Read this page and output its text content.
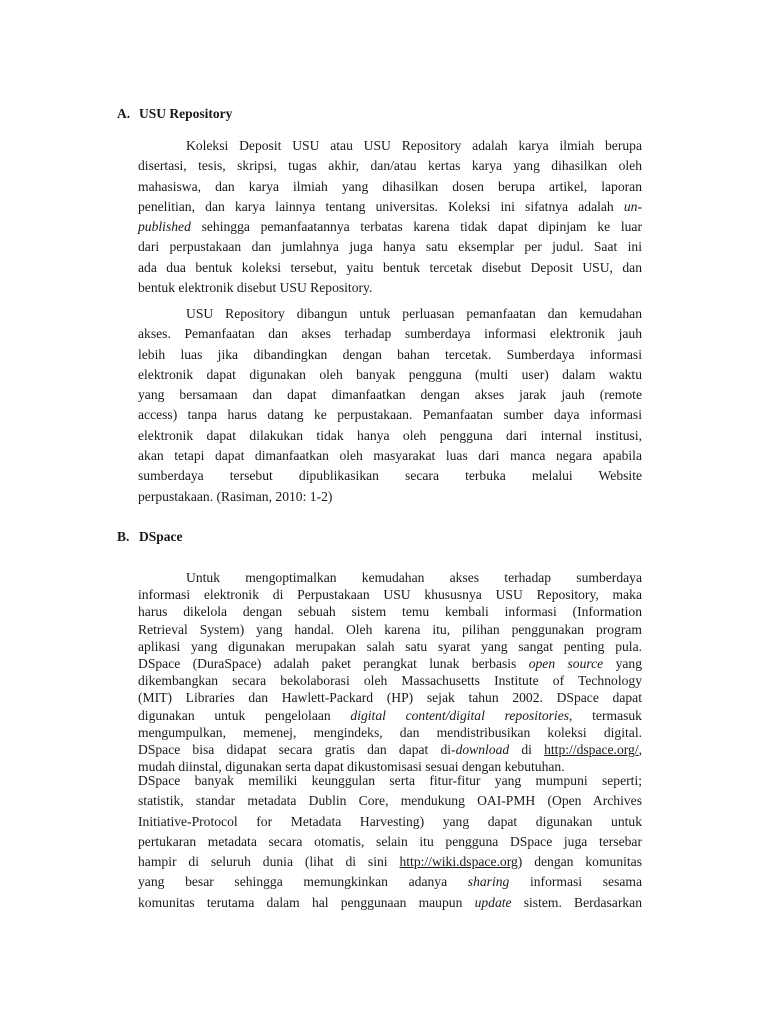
A. USU Repository
Koleksi Deposit USU atau USU Repository adalah karya ilmiah berupa
disertasi, tesis, skripsi, tugas akhir, dan/atau kertas karya yang dihasilkan oleh
mahasiswa, dan karya ilmiah yang dihasilkan dosen berupa artikel, laporan
penelitian, dan karya lainnya tentang universitas. Koleksi ini sifatnya adalah un-
published sehingga pemanfaatannya terbatas karena tidak dapat dipinjam ke luar
dari perpustakaan dan jumlahnya juga hanya satu eksemplar per judul. Saat ini
ada dua bentuk koleksi tersebut, yaitu bentuk tercetak disebut Deposit USU, dan
bentuk elektronik disebut USU Repository.
USU Repository dibangun untuk perluasan pemanfaatan dan kemudahan
akses. Pemanfaatan dan akses terhadap sumberdaya informasi elektronik jauh
lebih luas jika dibandingkan dengan bahan tercetak. Sumberdaya informasi
elektronik dapat digunakan oleh banyak pengguna (multi user) dalam waktu
yang bersamaan dan dapat dimanfaatkan dengan akses jarak jauh (remote
access) tanpa harus datang ke perpustakaan. Pemanfaatan sumber daya informasi
elektronik dapat dilakukan tidak hanya oleh pengguna dari internal institusi,
akan tetapi dapat dimanfaatkan oleh masyarakat luas dari manca negara apabila
sumberdaya tersebut dipublikasikan secara terbuka melalui Website
perpustakaan. (Rasiman, 2010: 1-2)
B. DSpace
Untuk mengoptimalkan kemudahan akses terhadap sumberdaya
informasi elektronik di Perpustakaan USU khususnya USU Repository, maka
harus dikelola dengan sebuah sistem temu kembali informasi (Information
Retrieval System) yang handal. Oleh karena itu, pilihan penggunakan program
aplikasi yang digunakan merupakan salah satu syarat yang sangat penting pula.
DSpace (DuraSpace) adalah paket perangkat lunak berbasis open source yang
dikembangkan secara bekolaborasi oleh Massachusetts Institute of Technology
(MIT) Libraries dan Hawlett-Packard (HP) sejak tahun 2002. DSpace dapat
digunakan untuk pengelolaan digital content/digital repositories, termasuk
mengumpulkan, memenej, mengindeks, dan mendistribusikan koleksi digital.
DSpace bisa didapat secara gratis dan dapat di-download di http://dspace.org/,
mudah diinstal, digunakan serta dapat dikustomisasi sesuai dengan kebutuhan.
DSpace banyak memiliki keunggulan serta fitur-fitur yang mumpuni seperti;
statistik, standar metadata Dublin Core, mendukung OAI-PMH (Open Archives
Initiative-Protocol for Metadata Harvesting) yang dapat digunakan untuk
pertukaran metadata secara otomatis, selain itu pengguna DSpace juga tersebar
hampir di seluruh dunia (lihat di sini http://wiki.dspace.org) dengan komunitas
yang besar sehingga memungkinkan adanya sharing informasi sesama
komunitas terutama dalam hal penggunaan maupun update sistem. Berdasarkan
